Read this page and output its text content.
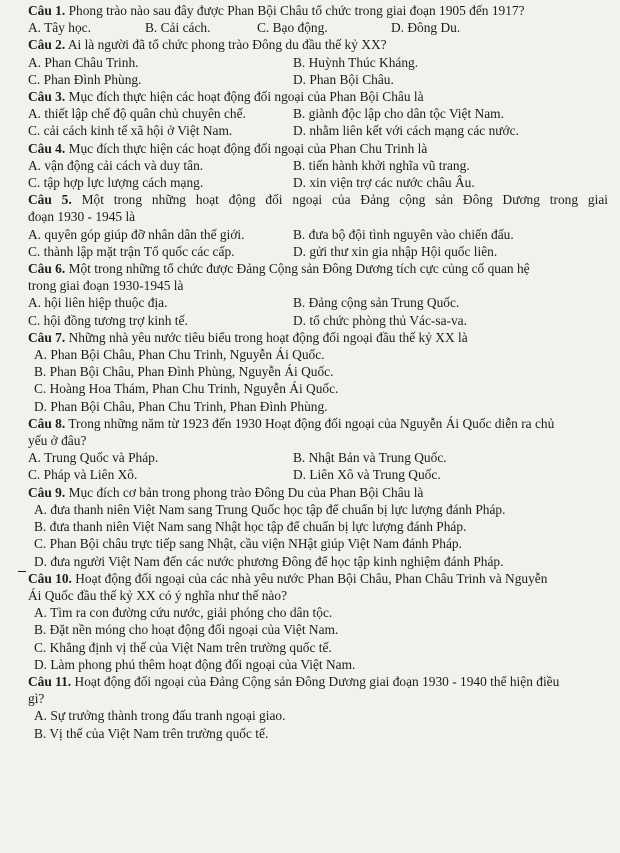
Câu 1. Phong trào nào sau đây được Phan Bội Châu tổ chức trong giai đoạn 1905 đến 1917?
A. Tây học.	B. Cải cách.	C. Bạo động.	D. Đông Du.
Câu 2. Ai là người đã tổ chức phong trào Đông du đầu thế kỷ XX?
A. Phan Châu Trinh.	B. Huỳnh Thúc Kháng.
C. Phan Đình Phùng.	D. Phan Bội Châu.
Câu 3. Mục đích thực hiện các hoạt động đối ngoại của Phan Bội Châu là
A. thiết lập chế độ quân chủ chuyên chế.	B. giành độc lập cho dân tộc Việt Nam.
C. cải cách kinh tế xã hội ở Việt Nam.	D. nhằm liên kết với cách mạng các nước.
Câu 4. Mục đích thực hiện các hoạt động đối ngoại của Phan Chu Trinh là
A. vận động cải cách và duy tân.	B. tiến hành khởi nghĩa vũ trang.
C. tập hợp lực lượng cách mạng.	D. xin viện trợ các nước châu Âu.
Câu 5. Một trong những hoạt động đối ngoại của Đảng cộng sản Đông Dương trong giai
đoạn 1930 - 1945 là
A. quyên góp giúp đỡ nhân dân thế giới.	B. đưa bộ đội tình nguyên vào chiến đấu.
C. thành lập mặt trận Tổ quốc các cấp.	D. gửi thư xin gia nhập Hội quốc liên.
Câu 6. Một trong những tổ chức được Đảng Cộng sản Đông Dương tích cực củng cố quan hệ
trong giai đoạn 1930-1945 là
A. hội liên hiệp thuộc địa.	B. Đảng cộng sản Trung Quốc.
C. hội đồng tương trợ kinh tế.	D. tổ chức phòng thủ Vác-sa-va.
Câu 7. Những nhà yêu nước tiêu biểu trong hoạt động đối ngoại đầu thế kỷ XX là
A. Phan Bội Châu, Phan Chu Trinh, Nguyễn Ái Quốc.
B. Phan Bội Châu, Phan Đình Phùng, Nguyễn Ái Quốc.
C. Hoàng Hoa Thám, Phan Chu Trinh, Nguyễn Ái Quốc.
D. Phan Bội Châu, Phan Chu Trinh, Phan Đình Phùng.
Câu 8. Trong những năm từ 1923 đến 1930 Hoạt động đối ngoại của Nguyễn Ái Quốc diễn ra chủ
yếu ở đâu?
A. Trung Quốc và Pháp.	B. Nhật Bản và Trung Quốc.
C. Pháp và Liên Xô.	D. Liên Xô và Trung Quốc.
Câu 9. Mục đích cơ bản trong phong trào Đông Du của Phan Bội Châu là
A. đưa thanh niên Việt Nam sang Trung Quốc học tập để chuẩn bị lực lượng đánh Pháp.
B. đưa thanh niên Việt Nam sang Nhật học tập để chuẩn bị lực lượng đánh Pháp.
C. Phan Bội châu trực tiếp sang Nhật, cầu viện NHật giúp Việt Nam đánh Pháp.
D. đưa người Việt Nam đến các nước phương Đông để học tập kinh nghiệm đánh Pháp.
Câu 10. Hoạt động đối ngoại của các nhà yêu nước Phan Bội Châu, Phan Châu Trinh và Nguyễn
Ái Quốc đầu thế kỷ XX có ý nghĩa như thế nào?
A. Tìm ra con đường cứu nước, giải phóng cho dân tộc.
B. Đặt nền móng cho hoạt động đối ngoại của Việt Nam.
C. Khẳng định vị thế của Việt Nam trên trường quốc tế.
D. Làm phong phú thêm hoạt động đối ngoại của Việt Nam.
Câu 11. Hoạt động đối ngoại của Đảng Cộng sản Đông Dương giai đoạn 1930 - 1940 thể hiện điều
gì?
A. Sự trưởng thành trong đấu tranh ngoại giao.
B. Vị thế của Việt Nam trên trường quốc tế.
